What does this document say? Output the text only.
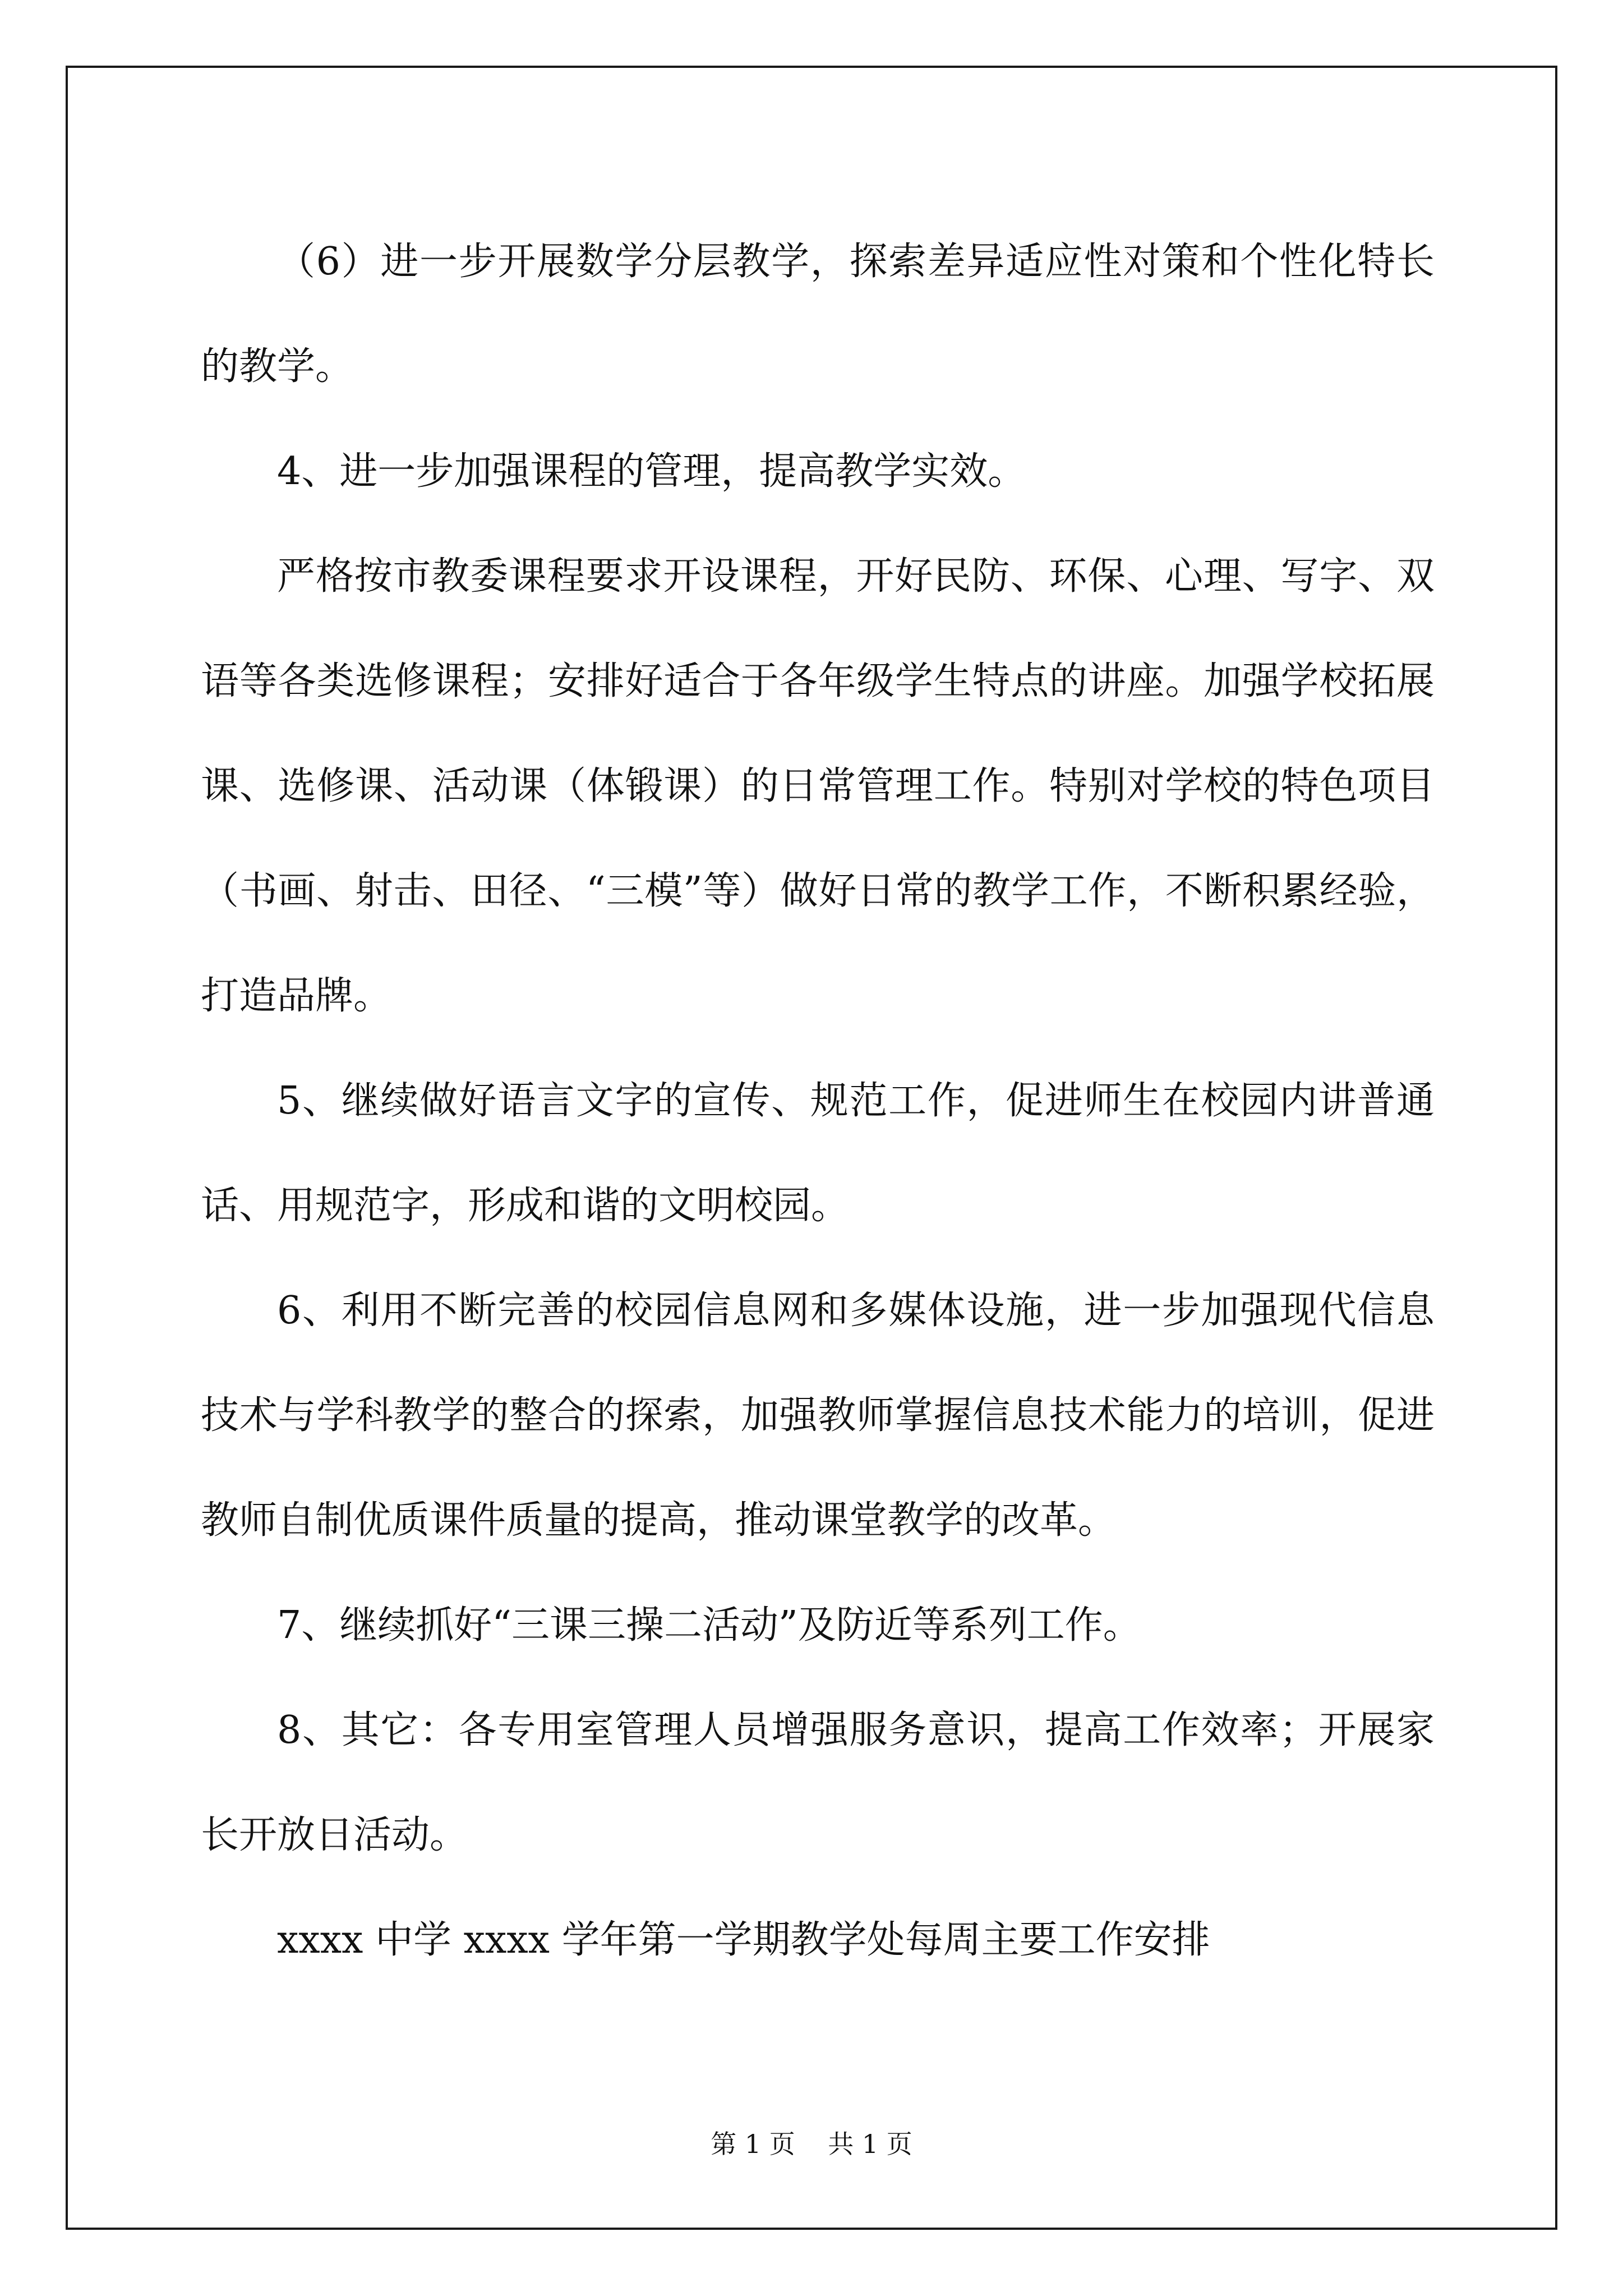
（6）进一步开展数学分层教学，探索差异适应性对策和个性化特长的教学。

4、进一步加强课程的管理，提高教学实效。

严格按市教委课程要求开设课程，开好民防、环保、心理、写字、双语等各类选修课程；安排好适合于各年级学生特点的讲座。加强学校拓展课、选修课、活动课（体锻课）的日常管理工作。特别对学校的特色项目（书画、射击、田径、“三模”等）做好日常的教学工作，不断积累经验，打造品牌。

5、继续做好语言文字的宣传、规范工作，促进师生在校园内讲普通话、用规范字，形成和谐的文明校园。

6、利用不断完善的校园信息网和多媒体设施，进一步加强现代信息技术与学科教学的整合的探索，加强教师掌握信息技术能力的培训，促进教师自制优质课件质量的提高，推动课堂教学的改革。

7、继续抓好“三课三操二活动”及防近等系列工作。

8、其它：各专用室管理人员增强服务意识，提高工作效率；开展家长开放日活动。

xxxx 中学 xxxx 学年第一学期教学处每周主要工作安排

第 1 页    共 1 页
